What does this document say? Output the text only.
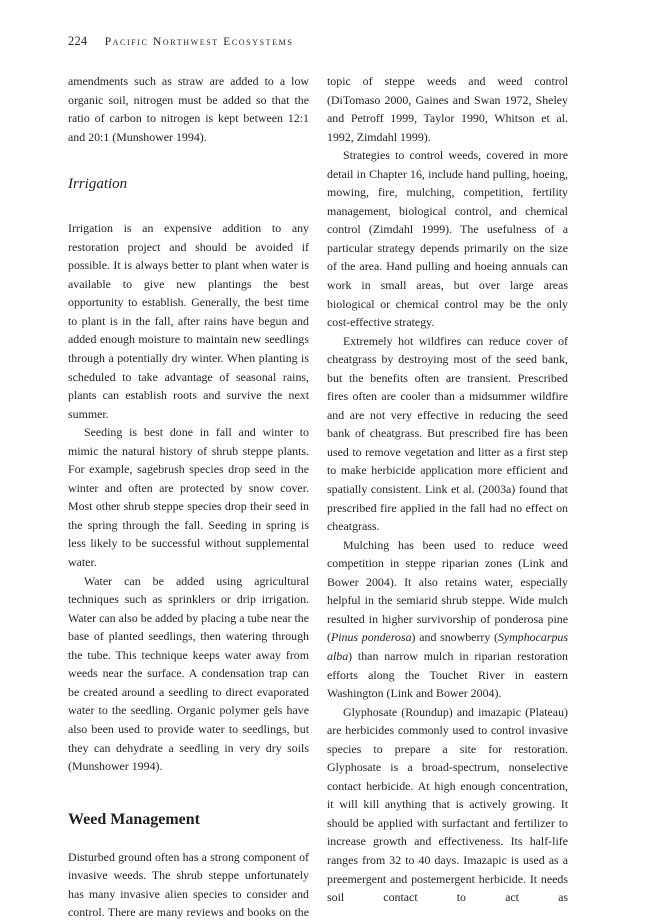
224 Pacific Northwest Ecosystems

amendments such as straw are added to a low organic soil, nitrogen must be added so that the ratio of carbon to nitrogen is kept between 12:1 and 20:1 (Munshower 1994).

Irrigation

Irrigation is an expensive addition to any restoration project and should be avoided if possible. It is always better to plant when water is available to give new plantings the best opportunity to establish. Generally, the best time to plant is in the fall, after rains have begun and added enough moisture to maintain new seedlings through a potentially dry winter. When planting is scheduled to take advantage of seasonal rains, plants can establish roots and survive the next summer.

Seeding is best done in fall and winter to mimic the natural history of shrub steppe plants. For example, sagebrush species drop seed in the winter and often are protected by snow cover. Most other shrub steppe species drop their seed in the spring through the fall. Seeding in spring is less likely to be successful without supplemental water.

Water can be added using agricultural techniques such as sprinklers or drip irrigation. Water can also be added by placing a tube near the base of planted seedlings, then watering through the tube. This technique keeps water away from weeds near the surface. A condensation trap can be created around a seedling to direct evaporated water to the seedling. Organic polymer gels have also been used to provide water to seedlings, but they can dehydrate a seedling in very dry soils (Munshower 1994).

Weed Management

Disturbed ground often has a strong component of invasive weeds. The shrub steppe unfortunately has many invasive alien species to consider and control. There are many reviews and books on the

topic of steppe weeds and weed control (DiTomaso 2000, Gaines and Swan 1972, Sheley and Petroff 1999, Taylor 1990, Whitson et al. 1992, Zimdahl 1999).

Strategies to control weeds, covered in more detail in Chapter 16, include hand pulling, hoeing, mowing, fire, mulching, competition, fertility management, biological control, and chemical control (Zimdahl 1999). The usefulness of a particular strategy depends primarily on the size of the area. Hand pulling and hoeing annuals can work in small areas, but over large areas biological or chemical control may be the only cost-effective strategy.

Extremely hot wildfires can reduce cover of cheatgrass by destroying most of the seed bank, but the benefits often are transient. Prescribed fires often are cooler than a midsummer wildfire and are not very effective in reducing the seed bank of cheatgrass. But prescribed fire has been used to remove vegetation and litter as a first step to make herbicide application more efficient and spatially consistent. Link et al. (2003a) found that prescribed fire applied in the fall had no effect on cheatgrass.

Mulching has been used to reduce weed competition in steppe riparian zones (Link and Bower 2004). It also retains water, especially helpful in the semiarid shrub steppe. Wide mulch resulted in higher survivorship of ponderosa pine (Pinus ponderosa) and snowberry (Symphocarpus alba) than narrow mulch in riparian restoration efforts along the Touchet River in eastern Washington (Link and Bower 2004).

Glyphosate (Roundup) and imazapic (Plateau) are herbicides commonly used to control invasive species to prepare a site for restoration. Glyphosate is a broad-spectrum, nonselective contact herbicide. At high enough concentration, it will kill anything that is actively growing. It should be applied with surfactant and fertilizer to increase growth and effectiveness. Its half-life ranges from 32 to 40 days. Imazapic is used as a preemergent and postemergent herbicide. It needs soil contact to act as
